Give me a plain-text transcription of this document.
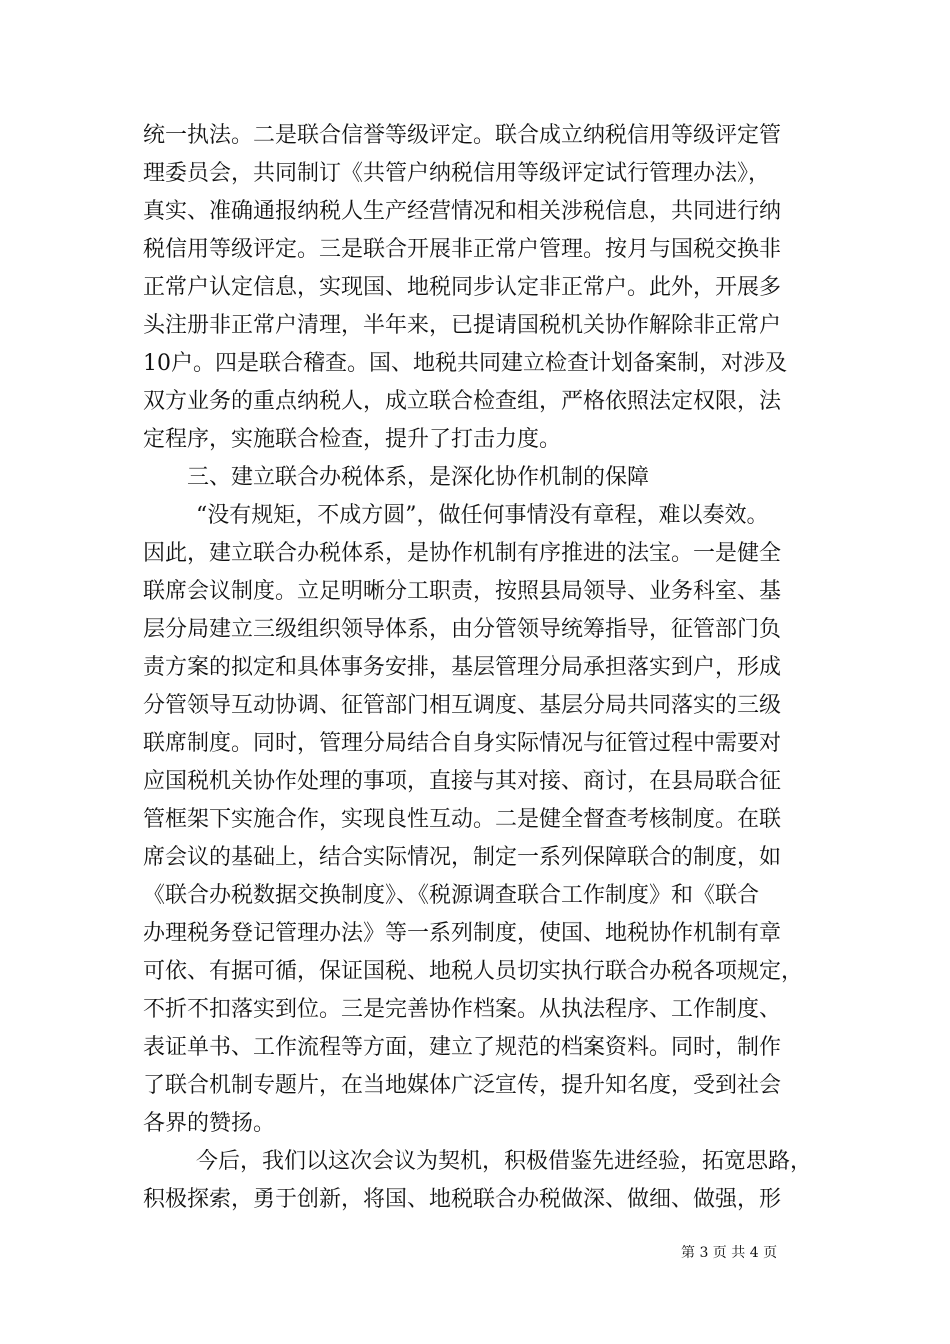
统一执法。二是联合信誉等级评定。联合成立纳税信用等级评定管
理委员会，共同制订《共管户纳税信用等级评定试行管理办法》，
真实、准确通报纳税人生产经营情况和相关涉税信息，共同进行纳
税信用等级评定。三是联合开展非正常户管理。按月与国税交换非
正常户认定信息，实现国、地税同步认定非正常户。此外，开展多
头注册非正常户清理，半年来，已提请国税机关协作解除非正常户
10户。四是联合稽查。国、地税共同建立检查计划备案制，对涉及
双方业务的重点纳税人，成立联合检查组，严格依照法定权限，法
定程序，实施联合检查，提升了打击力度。
三、建立联合办税体系，是深化协作机制的保障
“没有规矩，不成方圆”，做任何事情没有章程，难以奏效。
因此，建立联合办税体系，是协作机制有序推进的法宝。一是健全
联席会议制度。立足明晰分工职责，按照县局领导、业务科室、基
层分局建立三级组织领导体系，由分管领导统筹指导，征管部门负
责方案的拟定和具体事务安排，基层管理分局承担落实到户，形成
分管领导互动协调、征管部门相互调度、基层分局共同落实的三级
联席制度。同时，管理分局结合自身实际情况与征管过程中需要对
应国税机关协作处理的事项，直接与其对接、商讨，在县局联合征
管框架下实施合作，实现良性互动。二是健全督查考核制度。在联
席会议的基础上，结合实际情况，制定一系列保障联合的制度，如
《联合办税数据交换制度》、《税源调查联合工作制度》和《联合
办理税务登记管理办法》等一系列制度，使国、地税协作机制有章
可依、有据可循，保证国税、地税人员切实执行联合办税各项规定，
不折不扣落实到位。三是完善协作档案。从执法程序、工作制度、
表证单书、工作流程等方面，建立了规范的档案资料。同时，制作
了联合机制专题片，在当地媒体广泛宣传，提升知名度，受到社会
各界的赞扬。
今后，我们以这次会议为契机，积极借鉴先进经验，拓宽思路，
积极探索，勇于创新，将国、地税联合办税做深、做细、做强，形
第 3 页 共 4 页
